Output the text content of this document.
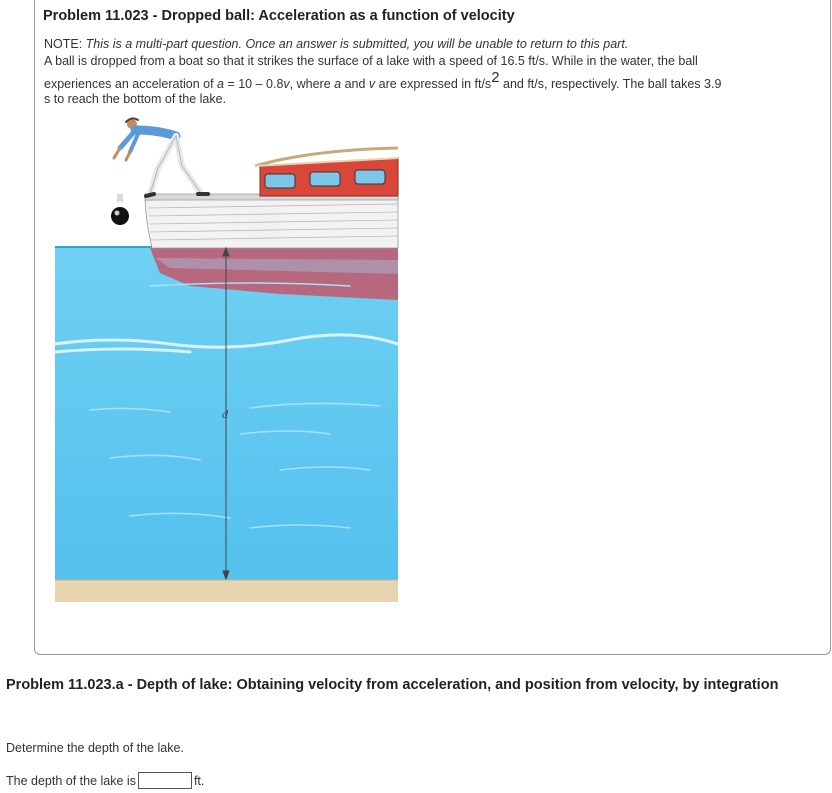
Problem 11.023 - Dropped ball: Acceleration as a function of velocity
NOTE: This is a multi-part question. Once an answer is submitted, you will be unable to return to this part.
A ball is dropped from a boat so that it strikes the surface of a lake with a speed of 16.5 ft/s. While in the water, the ball
experiences an acceleration of a = 10 – 0.8v, where a and v are expressed in $ft/s^2$ and ft/s, respectively. The ball takes 3.9
s to reach the bottom of the lake.
d
Problem 11.023.a - Depth of lake: Obtaining velocity from acceleration, and position from velocity, by integration
Determine the depth of the lake.
The depth of the lake is	ft.
